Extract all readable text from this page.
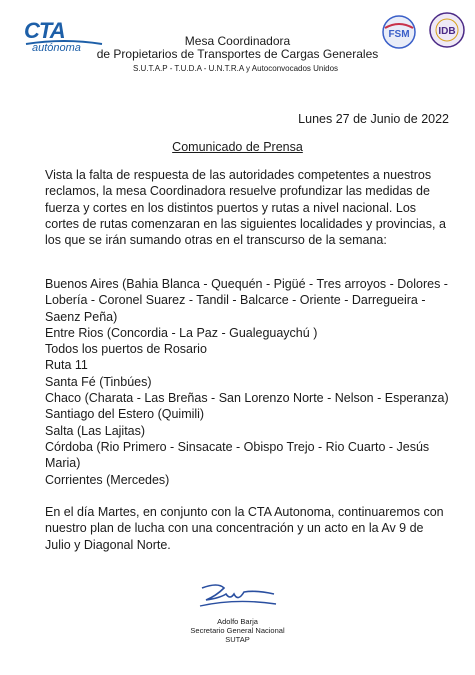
CTA
autónoma	Mesa Coordinadora
de Propietarios de Transportes de Cargas Generales
S.U.T.A.P - T.U.D.A - U.N.T.R.A y Autoconvocados Unidos
FSM	IDB
Lunes 27 de Junio de 2022
Comunicado de Prensa
Vista la falta de respuesta de las autoridades competentes a nuestros reclamos, la mesa Coordinadora resuelve profundizar las medidas de fuerza y cortes en los distintos puertos y rutas a nivel nacional. Los cortes de rutas comenzaran en las siguientes localidades y provincias, a los que se irán sumando otras en el transcurso de la semana:
Buenos Aires (Bahia Blanca - Quequén - Pigüé - Tres arroyos - Dolores - Lobería - Coronel Suarez - Tandil - Balcarce - Oriente - Darregueira - Saenz Peña)
Entre Rios (Concordia - La Paz - Gualeguaychú )
Todos los puertos de Rosario
Ruta 11
Santa Fé (Tinbúes)
Chaco (Charata - Las Breñas - San Lorenzo Norte - Nelson - Esperanza)
Santiago del Estero (Quimili)
Salta (Las Lajitas)
Córdoba (Rio Primero - Sinsacate - Obispo Trejo - Rio Cuarto - Jesús Maria)
Corrientes (Mercedes)
En el día Martes, en conjunto con la CTA Autonoma, continuaremos con nuestro plan de lucha con una concentración y un acto en la Av 9 de Julio y Diagonal Norte.
Adolfo Barja
Secretario General Nacional
SUTAP
